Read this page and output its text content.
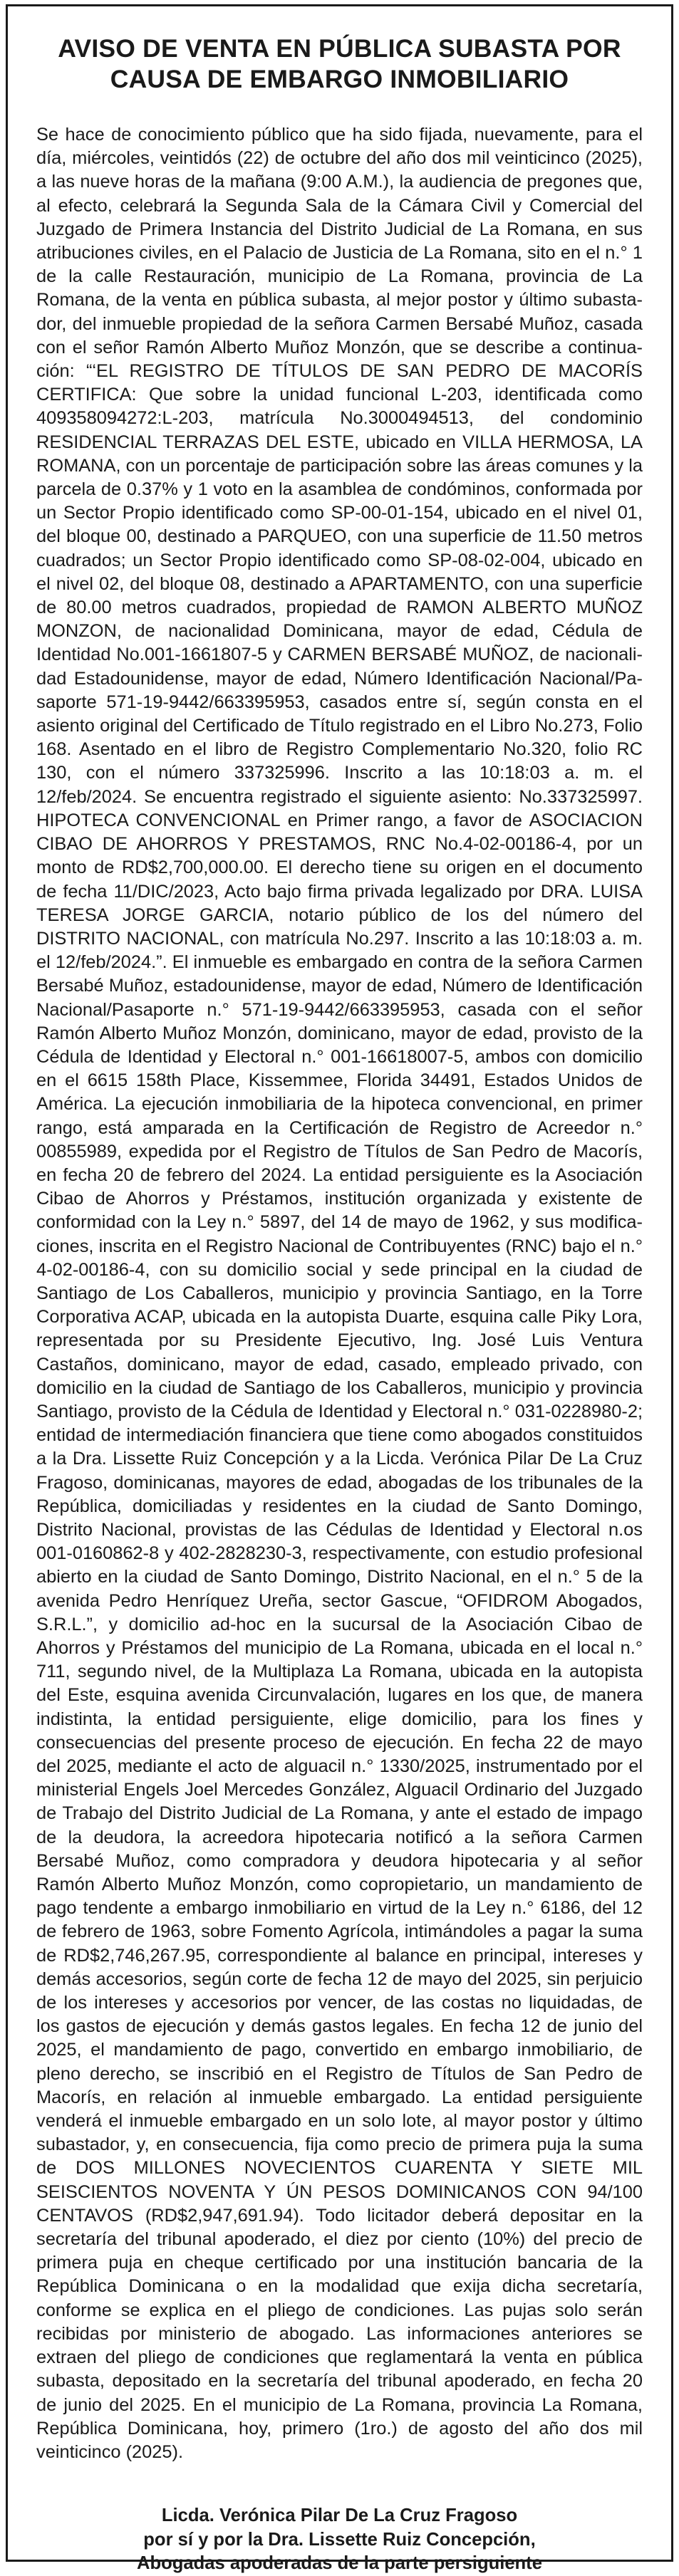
AVISO DE VENTA EN PÚBLICA SUBASTA POR
CAUSA DE EMBARGO INMOBILIARIO

Se hace de conocimiento público que ha sido fijada, nuevamente, para el día, miércoles, veintidós (22) de octubre del año dos mil veinticinco (2025), a las nueve horas de la mañana (9:00 A.M.), la audiencia de pregones que, al efecto, celebrará la Segunda Sala de la Cámara Civil y Comercial del Juzgado de Primera Instancia del Distrito Judicial de La Romana, en sus atribuciones civiles, en el Palacio de Justicia de La Romana, sito en el n.° 1 de la calle Restauración, municipio de La Romana, provincia de La Romana, de la venta en pública subasta, al mejor postor y último subastador, del inmueble propiedad de la señora Carmen Bersabé Muñoz, casada con el señor Ramón Alberto Muñoz Monzón, que se describe a continuación: “‘EL REGISTRO DE TÍTULOS DE SAN PEDRO DE MACORÍS CERTIFICA: Que sobre la unidad funcional L-203, identificada como 409358094272:L-203, matrícula No.3000494513, del condominio RESIDENCIAL TERRAZAS DEL ESTE, ubicado en VILLA HERMOSA, LA ROMANA, con un porcentaje de participación sobre las áreas comunes y la parcela de 0.37% y 1 voto en la asamblea de condóminos, conformada por un Sector Propio identificado como SP-00-01-154, ubicado en el nivel 01, del bloque 00, destinado a PARQUEO, con una superficie de 11.50 metros cuadrados; un Sector Propio identificado como SP-08-02-004, ubicado en el nivel 02, del bloque 08, destinado a APARTAMENTO, con una superficie de 80.00 metros cuadrados, propiedad de RAMON ALBERTO MUÑOZ MONZON, de nacionalidad Dominicana, mayor de edad, Cédula de Identidad No.001-1661807-5 y CARMEN BERSABÉ MUÑOZ, de nacionalidad Estadounidense, mayor de edad, Número Identificación Nacional/Pasaporte 571-19-9442/663395953, casados entre sí, según consta en el asiento original del Certificado de Título registrado en el Libro No.273, Folio 168. Asentado en el libro de Registro Complementario No.320, folio RC 130, con el número 337325996. Inscrito a las 10:18:03 a. m. el 12/feb/2024. Se encuentra registrado el siguiente asiento: No.337325997. HIPOTECA CONVENCIONAL en Primer rango, a favor de ASOCIACION CIBAO DE AHORROS Y PRESTAMOS, RNC No.4-02-00186-4, por un monto de RD$2,700,000.00. El derecho tiene su origen en el documento de fecha 11/DIC/2023, Acto bajo firma privada legalizado por DRA. LUISA TERESA JORGE GARCIA, notario público de los del número del DISTRITO NACIONAL, con matrícula No.297. Inscrito a las 10:18:03 a. m. el 12/feb/2024.”. El inmueble es embargado en contra de la señora Carmen Bersabé Muñoz, estadounidense, mayor de edad, Número de Identificación Nacional/Pasaporte n.° 571-19-9442/663395953, casada con el señor Ramón Alberto Muñoz Monzón, dominicano, mayor de edad, provisto de la Cédula de Identidad y Electoral n.° 001-16618007-5, ambos con domicilio en el 6615 158th Place, Kissemmee, Florida 34491, Estados Unidos de América. La ejecución inmobiliaria de la hipoteca convencional, en primer rango, está amparada en la Certificación de Registro de Acreedor n.° 00855989, expedida por el Registro de Títulos de San Pedro de Macorís, en fecha 20 de febrero del 2024. La entidad persiguiente es la Asociación Cibao de Ahorros y Préstamos, institución organizada y existente de conformidad con la Ley n.° 5897, del 14 de mayo de 1962, y sus modificaciones, inscrita en el Registro Nacional de Contribuyentes (RNC) bajo el n.° 4-02-00186-4, con su domicilio social y sede principal en la ciudad de Santiago de Los Caballeros, municipio y provincia Santiago, en la Torre Corporativa ACAP, ubicada en la autopista Duarte, esquina calle Piky Lora, representada por su Presidente Ejecutivo, Ing. José Luis Ventura Castaños, dominicano, mayor de edad, casado, empleado privado, con domicilio en la ciudad de Santiago de los Caballeros, municipio y provincia Santiago, provisto de la Cédula de Identidad y Electoral n.° 031-0228980-2; entidad de intermediación financiera que tiene como abogados constituidos a la Dra. Lissette Ruiz Concepción y a la Licda. Verónica Pilar De La Cruz Fragoso, dominicanas, mayores de edad, abogadas de los tribunales de la República, domiciliadas y residentes en la ciudad de Santo Domingo, Distrito Nacional, provistas de las Cédulas de Identidad y Electoral n.os 001-0160862-8 y 402-2828230-3, respectivamente, con estudio profesional abierto en la ciudad de Santo Domingo, Distrito Nacional, en el n.° 5 de la avenida Pedro Henríquez Ureña, sector Gascue, “OFIDROM Abogados, S.R.L.”, y domicilio ad-hoc en la sucursal de la Asociación Cibao de Ahorros y Préstamos del municipio de La Romana, ubicada en el local n.° 711, segundo nivel, de la Multiplaza La Romana, ubicada en la autopista del Este, esquina avenida Circunvalación, lugares en los que, de manera indistinta, la entidad persiguiente, elige domicilio, para los fines y consecuencias del presente proceso de ejecución. En fecha 22 de mayo del 2025, mediante el acto de alguacil n.° 1330/2025, instrumentado por el ministerial Engels Joel Mercedes González, Alguacil Ordinario del Juzgado de Trabajo del Distrito Judicial de La Romana, y ante el estado de impago de la deudora, la acreedora hipotecaria notificó a la señora Carmen Bersabé Muñoz, como compradora y deudora hipotecaria y al señor Ramón Alberto Muñoz Monzón, como copropietario, un mandamiento de pago tendente a embargo inmobiliario en virtud de la Ley n.° 6186, del 12 de febrero de 1963, sobre Fomento Agrícola, intimándoles a pagar la suma de RD$2,746,267.95, correspondiente al balance en principal, intereses y demás accesorios, según corte de fecha 12 de mayo del 2025, sin perjuicio de los intereses y accesorios por vencer, de las costas no liquidadas, de los gastos de ejecución y demás gastos legales. En fecha 12 de junio del 2025, el mandamiento de pago, convertido en embargo inmobiliario, de pleno derecho, se inscribió en el Registro de Títulos de San Pedro de Macorís, en relación al inmueble embargado. La entidad persiguiente venderá el inmueble embargado en un solo lote, al mayor postor y último subastador, y, en consecuencia, fija como precio de primera puja la suma de DOS MILLONES NOVECIENTOS CUARENTA Y SIETE MIL SEISCIENTOS NOVENTA Y ÚN PESOS DOMINICANOS CON 94/100 CENTAVOS (RD$2,947,691.94). Todo licitador deberá depositar en la secretaría del tribunal apoderado, el diez por ciento (10%) del precio de primera puja en cheque certificado por una institución bancaria de la República Dominicana o en la modalidad que exija dicha secretaría, conforme se explica en el pliego de condiciones. Las pujas solo serán recibidas por ministerio de abogado. Las informaciones anteriores se extraen del pliego de condiciones que reglamentará la venta en pública subasta, depositado en la secretaría del tribunal apoderado, en fecha 20 de junio del 2025. En el municipio de La Romana, provincia La Romana, República Dominicana, hoy, primero (1ro.) de agosto del año dos mil veinticinco (2025).

Licda. Verónica Pilar De La Cruz Fragoso
por sí y por la Dra. Lissette Ruiz Concepción,
Abogadas apoderadas de la parte persiguiente
